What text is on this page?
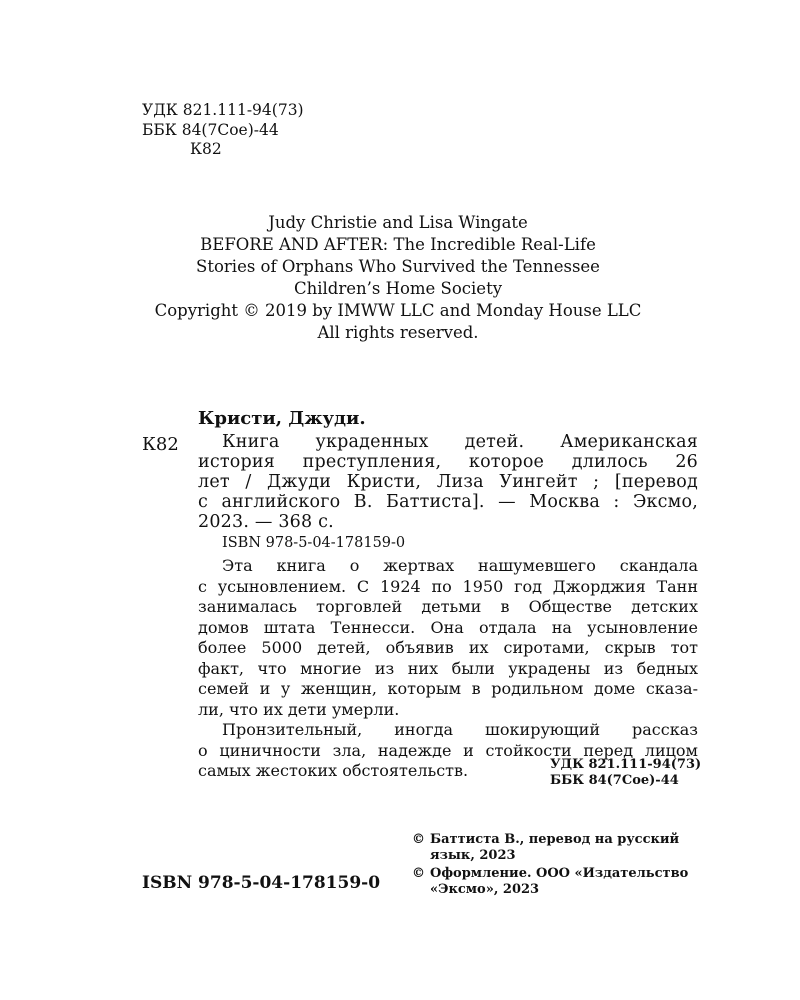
УДК 821.111-94(73)
ББК 84(7Сое)-44
К82
Judy Christie and Lisa Wingate
BEFORE AND AFTER: The Incredible Real-Life
Stories of Orphans Who Survived the Tennessee
Children’s Home Society
Copyright © 2019 by IMWW LLC and Monday House LLC
All rights reserved.
Кристи, Джуди.
К82	Книга украденных детей. Американская
история преступления, которое длилось 26
лет / Джуди Кристи, Лиза Уингейт ; [перевод
с английского В. Баттиста]. — Москва : Эксмо,
2023. — 368 с.
ISBN 978-5-04-178159-0
Эта книга о жертвах нашумевшего скандала
с усыновлением. С 1924 по 1950 год Джорджия Танн
занималась торговлей детьми в Обществе детских
домов штата Теннесси. Она отдала на усыновление
более 5000 детей, объявив их сиротами, скрыв тот
факт, что многие из них были украдены из бедных
семей и у женщин, которым в родильном доме сказа-
ли, что их дети умерли.
Пронзительный, иногда шокирующий рассказ
о циничности зла, надежде и стойкости перед лицом
самых жестоких обстоятельств.	УДК 821.111-94(73)
ББК 84(7Сое)-44
ISBN 978-5-04-178159-0
© Баттиста В., перевод на русский язык, 2023
© Оформление. ООО «Издательство «Эксмо», 2023
